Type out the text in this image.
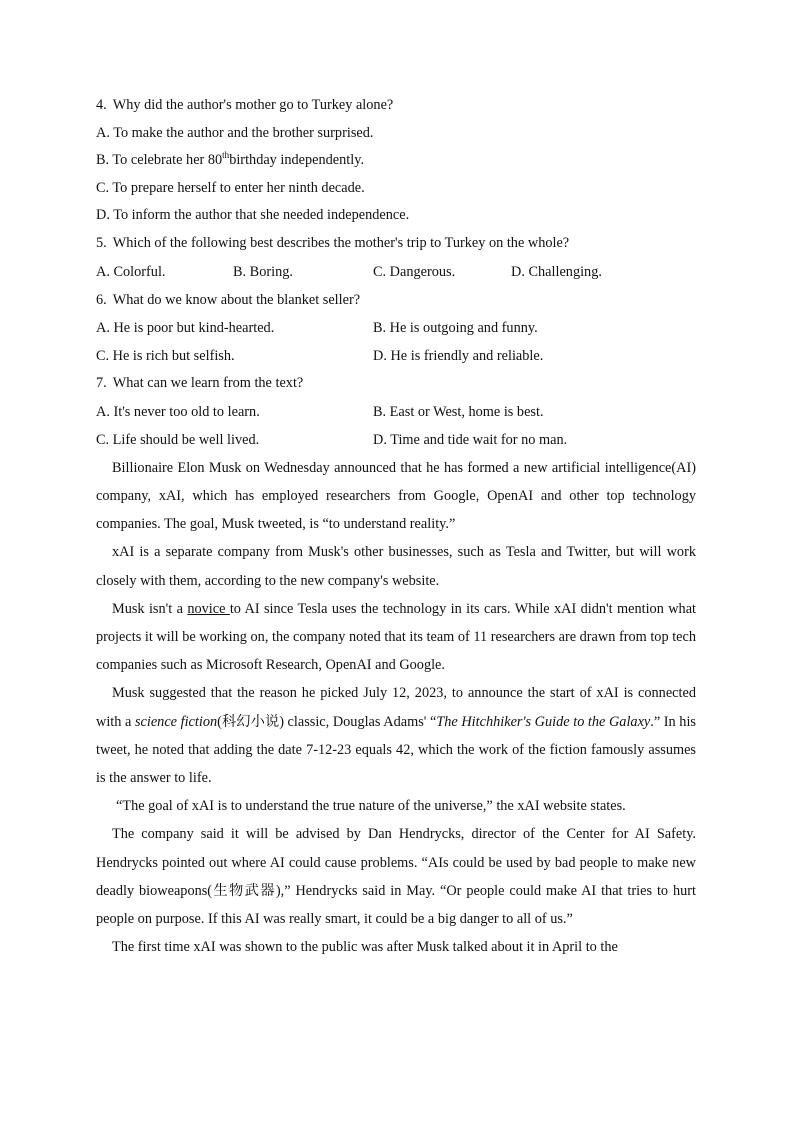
4. Why did the author's mother go to Turkey alone?

A. To make the author and the brother surprised.

B. To celebrate her 80thbirthday independently.

C. To prepare herself to enter her ninth decade.

D. To inform the author that she needed independence.

5. Which of the following best describes the mother's trip to Turkey on the whole?

A. Colorful.	B. Boring.	C. Dangerous.	D. Challenging.

6. What do we know about the blanket seller?

A. He is poor but kind-hearted.	B. He is outgoing and funny.
C. He is rich but selfish.	D. He is friendly and reliable.

7. What can we learn from the text?

A. It's never too old to learn.	B. East or West, home is best.
C. Life should be well lived.	D. Time and tide wait for no man.

Billionaire Elon Musk on Wednesday announced that he has formed a new artificial intelligence(AI) company, xAI, which has employed researchers from Google, OpenAI and other top technology companies. The goal, Musk tweeted, is “to understand reality.”

xAI is a separate company from Musk's other businesses, such as Tesla and Twitter, but will work closely with them, according to the new company's website.

Musk isn't a novice to AI since Tesla uses the technology in its cars. While xAI didn't mention what projects it will be working on, the company noted that its team of 11 researchers are drawn from top tech companies such as Microsoft Research, OpenAI and Google.

Musk suggested that the reason he picked July 12, 2023, to announce the start of xAI is connected with a science fiction(科幻小说) classic, Douglas Adams' “The Hitchhiker's Guide to the Galaxy.” In his tweet, he noted that adding the date 7-12-23 equals 42, which the work of the fiction famously assumes is the answer to life.

“The goal of xAI is to understand the true nature of the universe,” the xAI website states.

The company said it will be advised by Dan Hendrycks, director of the Center for AI Safety. Hendrycks pointed out where AI could cause problems. “AIs could be used by bad people to make new deadly bioweapons(生物武器),” Hendrycks said in May. “Or people could make AI that tries to hurt people on purpose. If this AI was really smart, it could be a big danger to all of us.”

The first time xAI was shown to the public was after Musk talked about it in April to the
